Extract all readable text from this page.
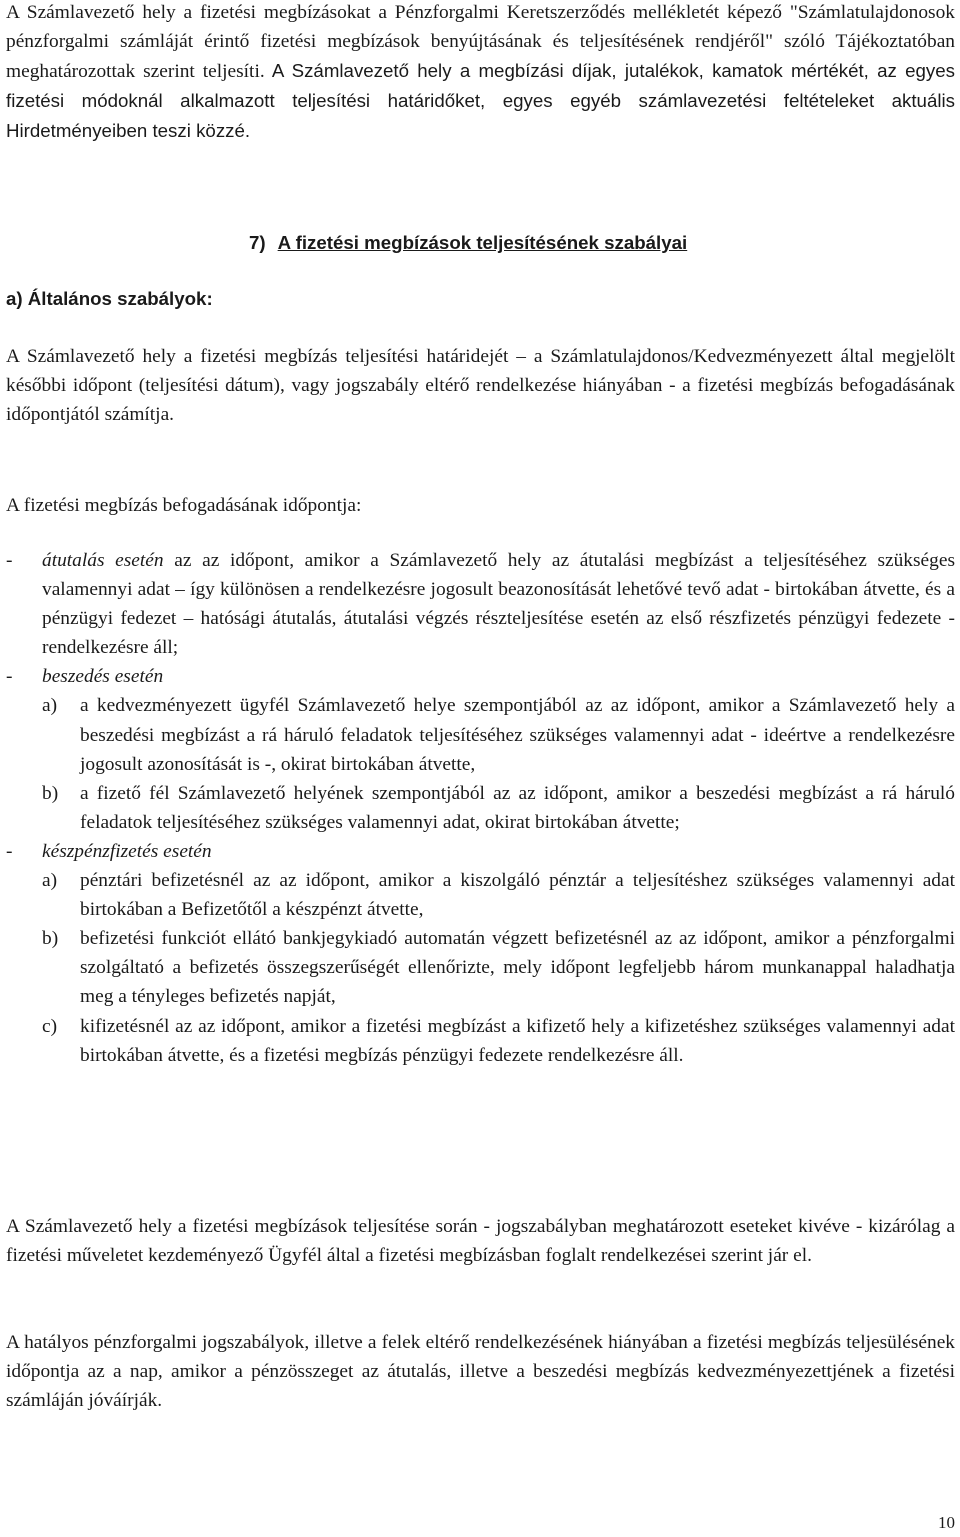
A Számlavezető hely a fizetési megbízásokat a Pénzforgalmi Keretszerződés mellékletét képező "Számlatulajdonosok pénzforgalmi számláját érintő fizetési megbízások benyújtásának és teljesítésének rendjéről" szóló Tájékoztatóban meghatározottak szerint teljesíti. A Számlavezető hely a megbízási díjak, jutalékok, kamatok mértékét, az egyes fizetési módoknál alkalmazott teljesítési határidőket, egyes egyéb számlavezetési feltételeket aktuális Hirdetményeiben teszi közzé.

7) A fizetési megbízások teljesítésének szabályai
a) Általános szabályok:

A Számlavezető hely a fizetési megbízás teljesítési határidejét – a Számlatulajdonos/Kedvezményezett által megjelölt későbbi időpont (teljesítési dátum), vagy jogszabály eltérő rendelkezése hiányában - a fizetési megbízás befogadásának időpontjától számítja.

A fizetési megbízás befogadásának időpontja:

-	átutalás esetén az az időpont, amikor a Számlavezető hely az átutalási megbízást a teljesítéséhez szükséges valamennyi adat – így különösen a rendelkezésre jogosult beazonosítását lehetővé tevő adat - birtokában átvette, és a pénzügyi fedezet – hatósági átutalás, átutalási végzés részteljesítése esetén az első részfizetés pénzügyi fedezete - rendelkezésre áll;
-	beszedés esetén
a)	a kedvezményezett ügyfél Számlavezető helye szempontjából az az időpont, amikor a Számlavezető hely a beszedési megbízást a rá háruló feladatok teljesítéséhez szükséges valamennyi adat - ideértve a rendelkezésre jogosult azonosítását is -, okirat birtokában átvette,
b)	a fizető fél Számlavezető helyének szempontjából az az időpont, amikor a beszedési megbízást a rá háruló feladatok teljesítéséhez szükséges valamennyi adat, okirat birtokában átvette;
-	készpénzfizetés esetén
a)	pénztári befizetésnél az az időpont, amikor a kiszolgáló pénztár a teljesítéshez szükséges valamennyi adat birtokában a Befizetőtől a készpénzt átvette,
b)	befizetési funkciót ellátó bankjegykiadó automatán végzett befizetésnél az az időpont, amikor a pénzforgalmi szolgáltató a befizetés összegszerűségét ellenőrizte, mely időpont legfeljebb három munkanappal haladhatja meg a tényleges befizetés napját,
c)	kifizetésnél az az időpont, amikor a fizetési megbízást a kifizető hely a kifizetéshez szükséges valamennyi adat birtokában átvette, és a fizetési megbízás pénzügyi fedezete rendelkezésre áll.

A Számlavezető hely a fizetési megbízások teljesítése során - jogszabályban meghatározott eseteket kivéve - kizárólag a fizetési műveletet kezdeményező Ügyfél által a fizetési megbízásban foglalt rendelkezései szerint jár el.

A hatályos pénzforgalmi jogszabályok, illetve a felek eltérő rendelkezésének hiányában a fizetési megbízás teljesülésének időpontja az a nap, amikor a pénzösszeget az átutalás, illetve a beszedési megbízás kedvezményezettjének a fizetési számláján jóváírják.

10
